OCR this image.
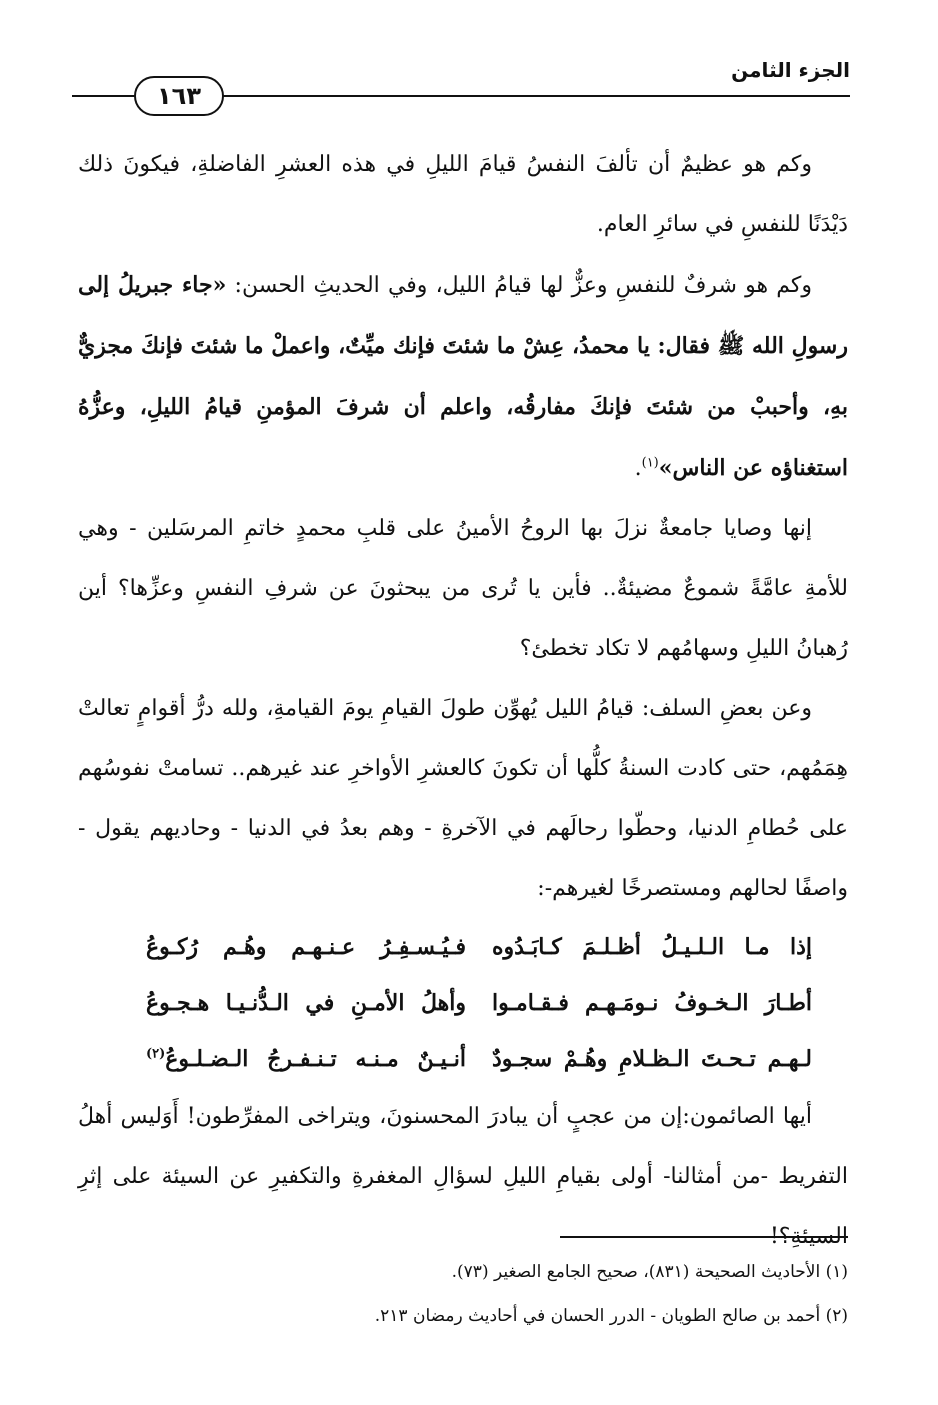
الجزء الثامن
١٦٣

وكم هو عظيمٌ أن تألفَ النفسُ قيامَ الليلِ في هذه العشرِ الفاضلةِ، فيكونَ ذلك دَيْدَنًا للنفسِ في سائرِ العام.

وكم هو شرفٌ للنفسِ وعزٌّ لها قيامُ الليل، وفي الحديثِ الحسن: «جاء جبريلُ إلى رسولِ الله ﷺ فقال: يا محمدُ، عِشْ ما شئتَ فإنك ميِّتٌ، واعملْ ما شئتَ فإنكَ مجزيٌّ بهِ، وأحببْ من شئتَ فإنكَ مفارقُه، واعلم أن شرفَ المؤمنِ قيامُ الليلِ، وعزُّهُ استغناؤه عن الناس»$^{(١)}$.

إنها وصايا جامعةٌ نزلَ بها الروحُ الأمينُ على قلبِ محمدٍ خاتمِ المرسَلين - وهي للأمةِ عامَّةً شموعٌ مضيئةٌ.. فأين يا تُرى من يبحثونَ عن شرفِ النفسِ وعزِّها؟ أين رُهبانُ الليلِ وسهامُهم لا تكاد تخطئ؟

وعن بعضِ السلف: قيامُ الليل يُهوِّن طولَ القيامِ يومَ القيامةِ، ولله درُّ أقوامٍ تعالتْ هِمَمُهم، حتى كادت السنةُ كلُّها أن تكونَ كالعشرِ الأواخرِ عند غيرهم.. تسامتْ نفوسُهم على حُطامِ الدنيا، وحطّوا رحالَهم في الآخرةِ - وهم بعدُ في الدنيا - وحاديهم يقول - واصفًا لحالهم ومستصرخًا لغيرهم-:

إذا مـا الـلـيـلُ أظـلـمَ كـابَـدُوه
فـيُـسـفِـرُ عـنـهـم وهُـم رُكـوعُ
أطـارَ الـخـوفُ نـومَـهـم فـقـامـوا
وأهلُ الأمـنِ في الـدُّنـيـا هـجـوعُ
لـهـم تـحـتَ الـظـلامِ وهُـمْ سجـودٌ
أنـيـنٌ مـنـه تـنـفـرجُ الـضـلـوعُ$^{(٢)}$

أيها الصائمون:إن من عجبٍ أن يبادرَ المحسنونَ، ويتراخى المفرِّطون! أَوَليس أهلُ التفريط -من أمثالنا- أولى بقيامِ الليلِ لسؤالِ المغفرةِ والتكفيرِ عن السيئة على إثرِ السيئةِ؟!

(١) الأحاديث الصحيحة (٨٣١)، صحيح الجامع الصغير (٧٣).
(٢) أحمد بن صالح الطويان - الدرر الحسان في أحاديث رمضان ٢١٣.
